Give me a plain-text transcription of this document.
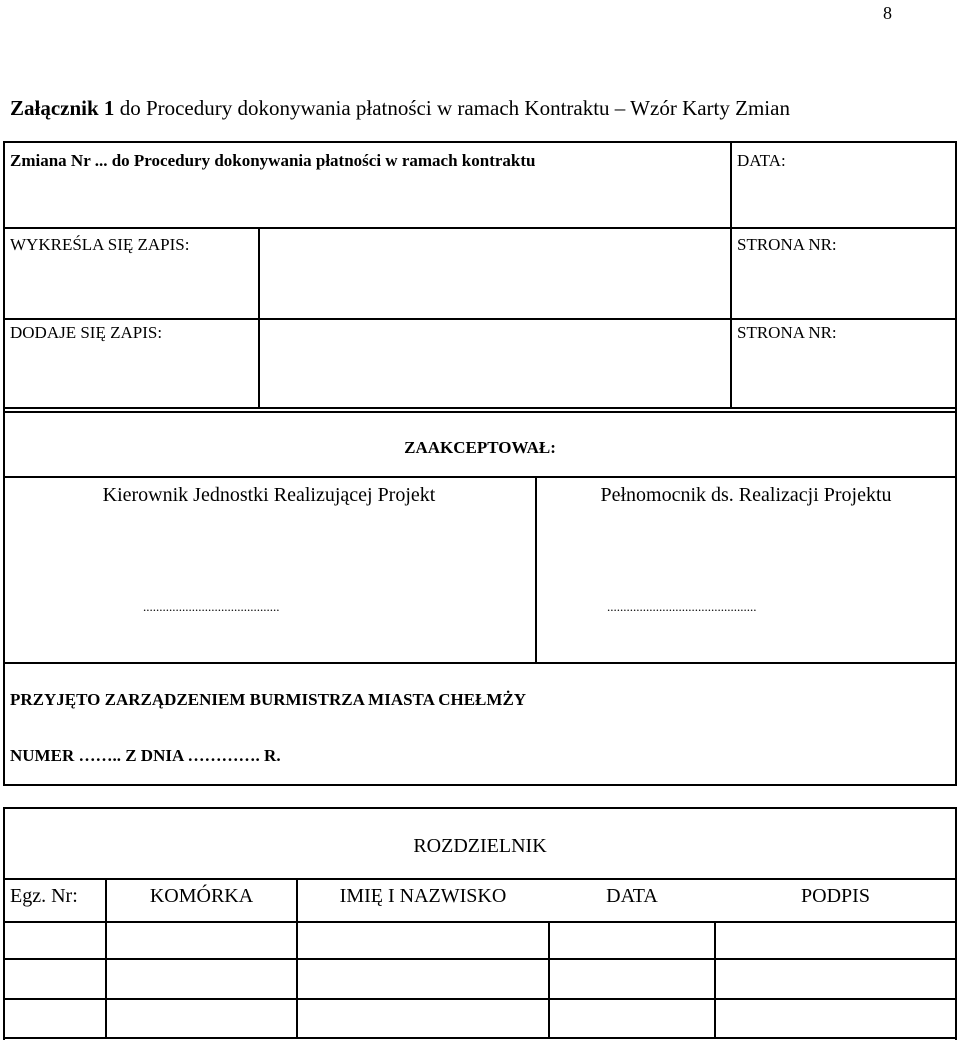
8
Załącznik 1 do Procedury dokonywania płatności w ramach Kontraktu – Wzór Karty Zmian
Zmiana Nr ... do Procedury dokonywania płatności w ramach kontraktu	DATA:
WYKREŚLA SIĘ ZAPIS:	STRONA NR:
DODAJE SIĘ ZAPIS:	STRONA NR:
ZAAKCEPTOWAŁ:
Kierownik Jednostki Realizującej Projekt	Pełnomocnik ds. Realizacji Projektu
..........................................	..............................................
PRZYJĘTO ZARZĄDZENIEM BURMISTRZA MIASTA CHEŁMŻY
NUMER …….. Z DNIA …………. R.
ROZDZIELNIK
Egz. Nr:	KOMÓRKA	IMIĘ I NAZWISKO	DATA	PODPIS
